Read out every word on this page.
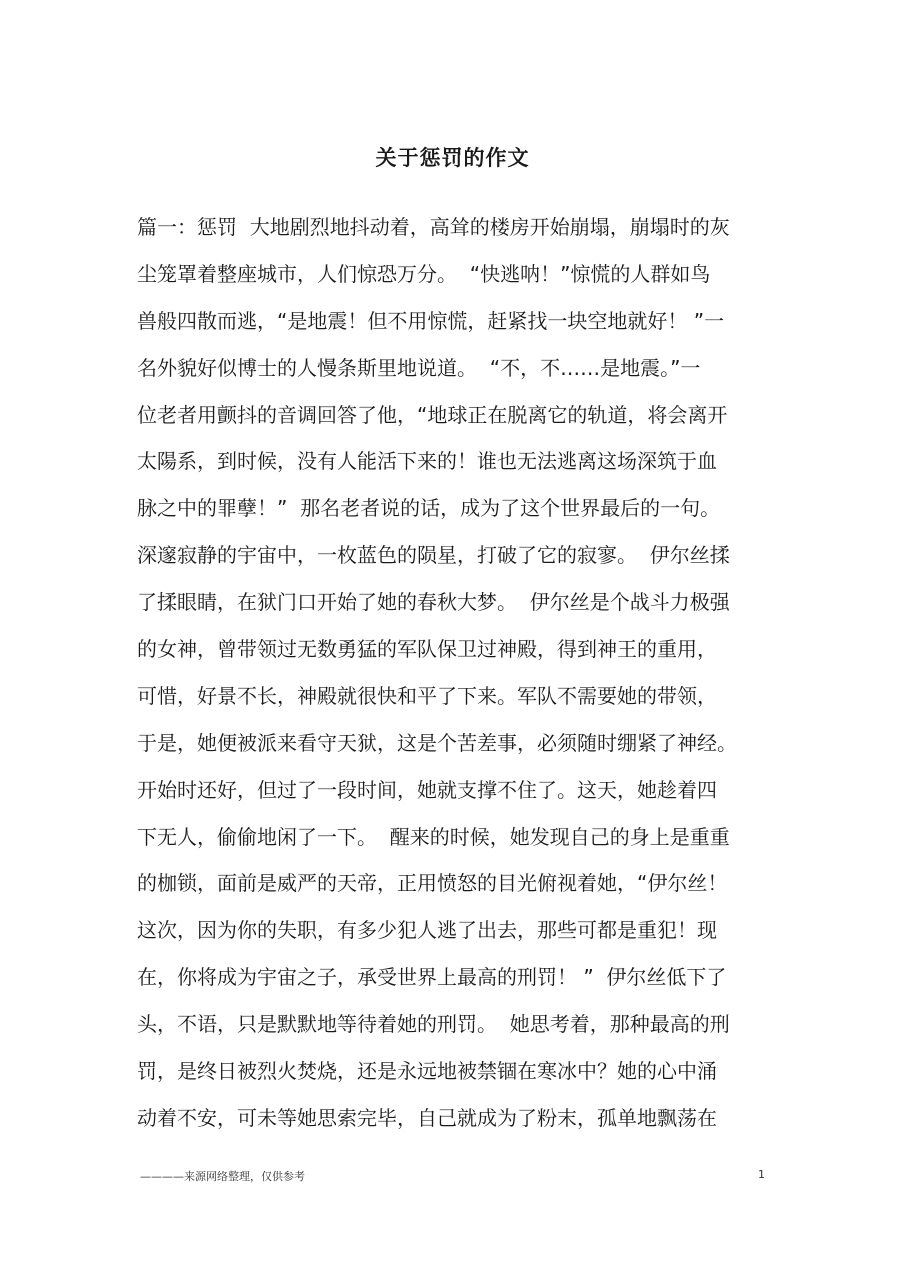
关于惩罚的作文
篇一：惩罚  大地剧烈地抖动着，高耸的楼房开始崩塌，崩塌时的灰
尘笼罩着整座城市，人们惊恐万分。  “快逃呐！”惊慌的人群如鸟
兽般四散而逃，“是地震！但不用惊慌，赶紧找一块空地就好！ ”一
名外貌好似博士的人慢条斯里地说道。  “不，不……是地震。”一
位老者用颤抖的音调回答了他，“地球正在脱离它的轨道，将会离开
太陽系，到时候，没有人能活下来的！谁也无法逃离这场深筑于血
脉之中的罪孽！”  那名老者说的话，成为了这个世界最后的一句。
深邃寂静的宇宙中，一枚蓝色的陨星，打破了它的寂寥。  伊尔丝揉
了揉眼睛，在狱门口开始了她的春秋大梦。  伊尔丝是个战斗力极强
的女神，曾带领过无数勇猛的军队保卫过神殿，得到神王的重用，
可惜，好景不长，神殿就很快和平了下来。军队不需要她的带领，
于是，她便被派来看守天狱，这是个苦差事，必须随时绷紧了神经。
开始时还好，但过了一段时间，她就支撑不住了。这天，她趁着四
下无人，偷偷地闲了一下。  醒来的时候，她发现自己的身上是重重
的枷锁，面前是威严的天帝，正用愤怒的目光俯视着她，“伊尔丝！
这次，因为你的失职，有多少犯人逃了出去，那些可都是重犯！现
在，你将成为宇宙之子，承受世界上最高的刑罚！ ”  伊尔丝低下了
头，不语，只是默默地等待着她的刑罚。  她思考着，那种最高的刑
罚，是终日被烈火焚烧，还是永远地被禁锢在寒冰中？她的心中涌
动着不安，可未等她思索完毕，自己就成为了粉末，孤单地飘荡在
————来源网络整理，仅供参考	1
